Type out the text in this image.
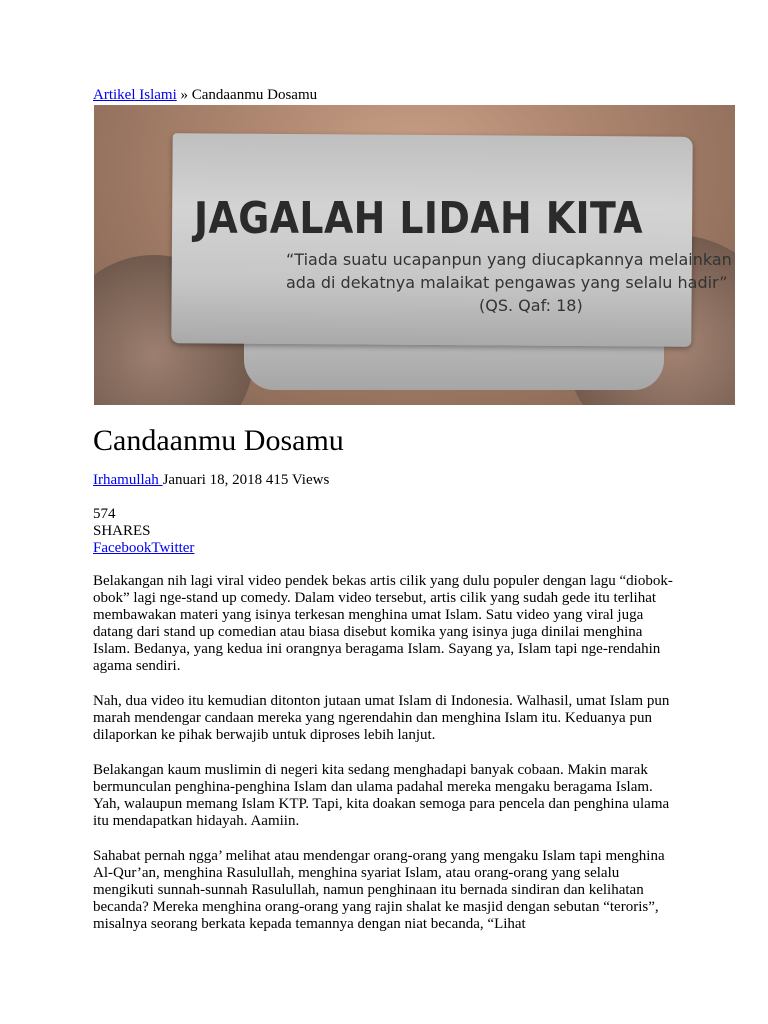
Artikel Islami » Candaanmu Dosamu
JAGALAH LIDAH KITA
“Tiada suatu ucapanpun yang diucapkannya melainkan
ada di dekatnya malaikat pengawas yang selalu hadir”
(QS. Qaf: 18)
Candaanmu Dosamu
Irhamullah Januari 18, 2018 415 Views
574
SHARES
FacebookTwitter

Belakangan nih lagi viral video pendek bekas artis cilik yang dulu populer dengan lagu “diobok-obok” lagi nge-stand up comedy. Dalam video tersebut, artis cilik yang sudah gede itu terlihat membawakan materi yang isinya terkesan menghina umat Islam. Satu video yang viral juga datang dari stand up comedian atau biasa disebut komika yang isinya juga dinilai menghina Islam. Bedanya, yang kedua ini orangnya beragama Islam. Sayang ya, Islam tapi nge-rendahin agama sendiri.

Nah, dua video itu kemudian ditonton jutaan umat Islam di Indonesia. Walhasil, umat Islam pun marah mendengar candaan mereka yang ngerendahin dan menghina Islam itu. Keduanya pun dilaporkan ke pihak berwajib untuk diproses lebih lanjut.

Belakangan kaum muslimin di negeri kita sedang menghadapi banyak cobaan. Makin marak bermunculan penghina-penghina Islam dan ulama padahal mereka mengaku beragama Islam. Yah, walaupun memang Islam KTP. Tapi, kita doakan semoga para pencela dan penghina ulama itu mendapatkan hidayah. Aamiin.

Sahabat pernah ngga’ melihat atau mendengar orang-orang yang mengaku Islam tapi menghina Al-Qur’an, menghina Rasulullah, menghina syariat Islam, atau orang-orang yang selalu mengikuti sunnah-sunnah Rasulullah, namun penghinaan itu bernada sindiran dan kelihatan becanda? Mereka menghina orang-orang yang rajin shalat ke masjid dengan sebutan “teroris”, misalnya seorang berkata kepada temannya dengan niat becanda, “Lihat
